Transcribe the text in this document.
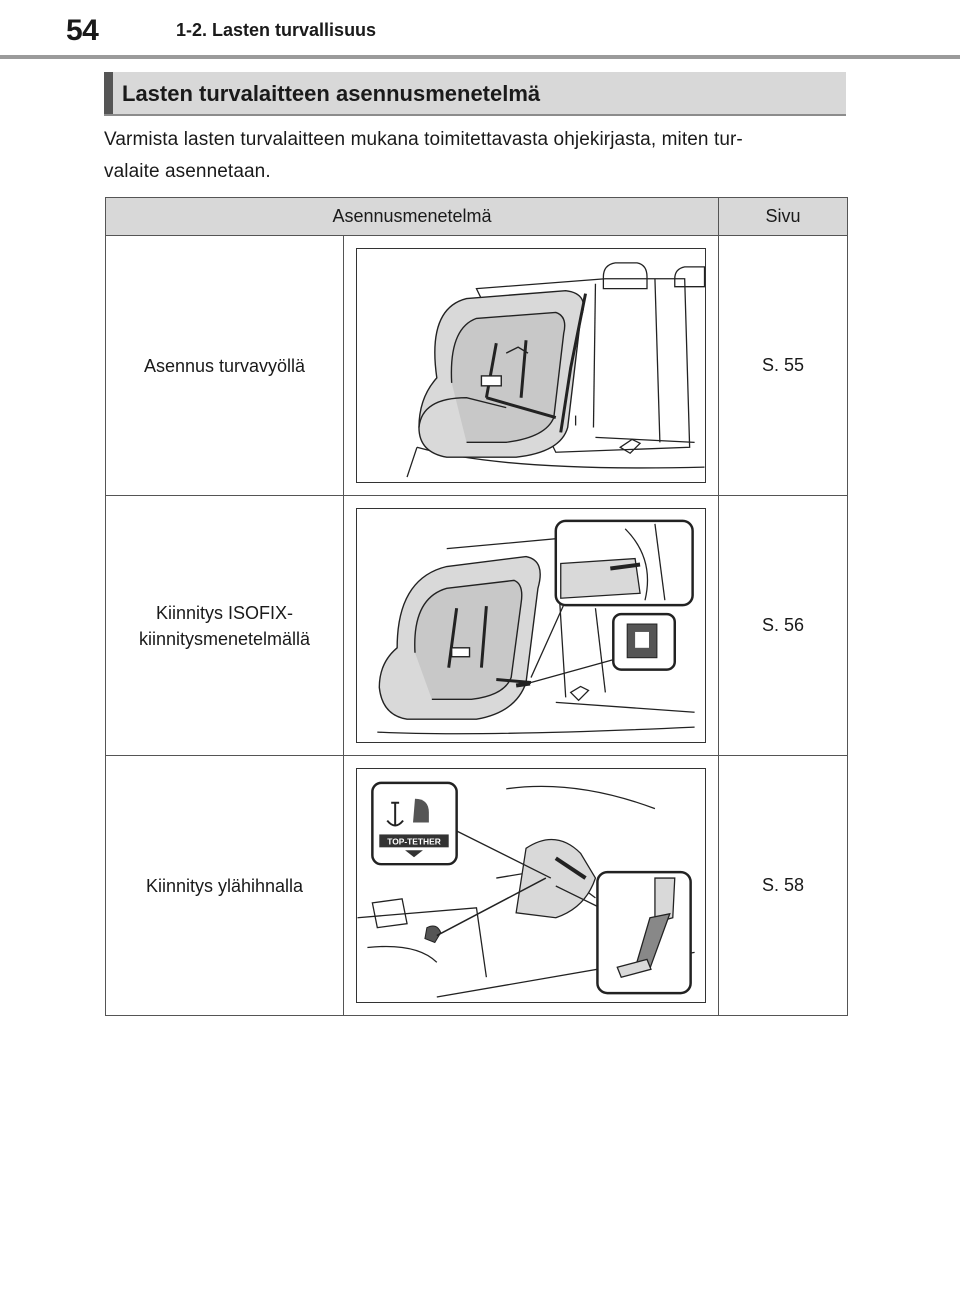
54	1-2. Lasten turvallisuus
Lasten turvalaitteen asennusmenetelmä
Varmista lasten turvalaitteen mukana toimitettavasta ohjekirjasta, miten tur-
valaite asennetaan.
Asennusmenetelmä		Sivu
Asennus turvavyöllä		S. 55
Kiinnitys ISOFIX-
kiinnitysmenetelmällä		S. 56
Kiinnitys ylähihnalla	TOP-TETHER	S. 58
